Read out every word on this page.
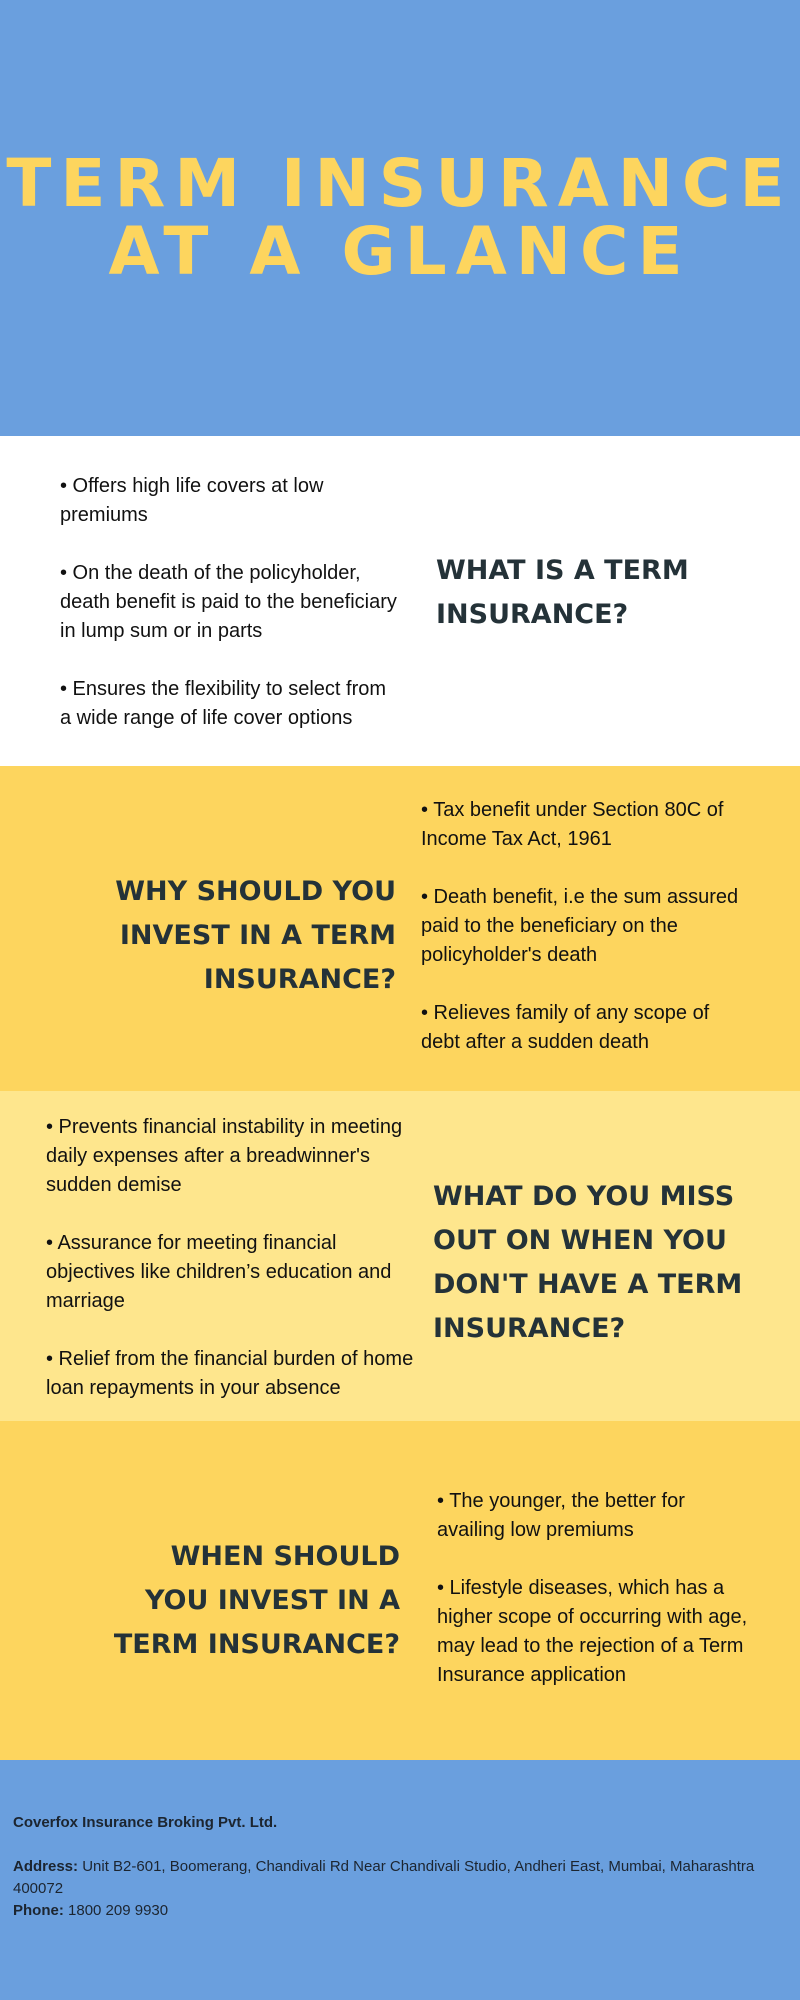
TERM INSURANCE
AT A GLANCE

• Offers high life covers at low premiums

• On the death of the policyholder, death benefit is paid to the beneficiary in lump sum or in parts

• Ensures the flexibility to select from a wide range of life cover options

WHAT IS A TERM INSURANCE?
WHY SHOULD YOU INVEST IN A TERM INSURANCE?

• Tax benefit under Section 80C of Income Tax Act, 1961

• Death benefit, i.e the sum assured paid to the beneficiary on the policyholder's death

• Relieves family of any scope of debt after a sudden death

• Prevents financial instability in meeting daily expenses after a breadwinner's sudden demise

• Assurance for meeting financial objectives like children’s education and marriage

• Relief from the financial burden of home loan repayments in your absence

WHAT DO YOU MISS OUT ON WHEN YOU DON'T HAVE A TERM INSURANCE?
WHEN SHOULD YOU INVEST IN A TERM INSURANCE?

• The younger, the better for availing low premiums

• Lifestyle diseases, which has a higher scope of occurring with age, may lead to the rejection of a Term Insurance application

Coverfox Insurance Broking Pvt. Ltd.
Address: Unit B2-601, Boomerang, Chandivali Rd Near Chandivali Studio, Andheri East, Mumbai, Maharashtra 400072
Phone: 1800 209 9930
